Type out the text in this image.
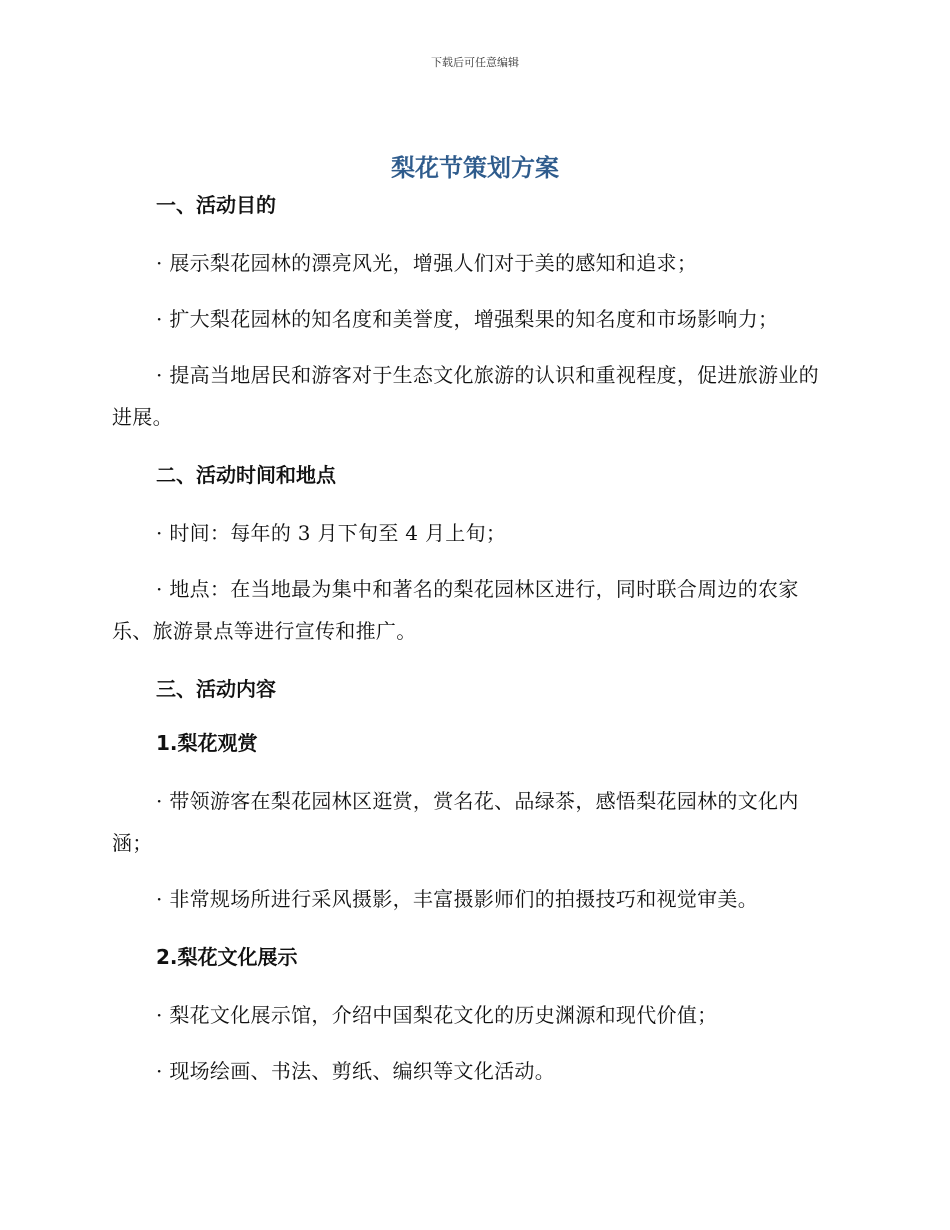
下载后可任意编辑
梨花节策划方案
一、活动目的

· 展示梨花园林的漂亮风光，增强人们对于美的感知和追求；

· 扩大梨花园林的知名度和美誉度，增强梨果的知名度和市场影响力；

· 提高当地居民和游客对于生态文化旅游的认识和重视程度，促进旅游业的进展。

二、活动时间和地点

· 时间：每年的 3 月下旬至 4 月上旬；

· 地点：在当地最为集中和著名的梨花园林区进行，同时联合周边的农家乐、旅游景点等进行宣传和推广。

三、活动内容
1.梨花观赏

· 带领游客在梨花园林区逛赏，赏名花、品绿茶，感悟梨花园林的文化内涵；

· 非常规场所进行采风摄影，丰富摄影师们的拍摄技巧和视觉审美。

2.梨花文化展示

· 梨花文化展示馆，介绍中国梨花文化的历史渊源和现代价值；

· 现场绘画、书法、剪纸、编织等文化活动。
